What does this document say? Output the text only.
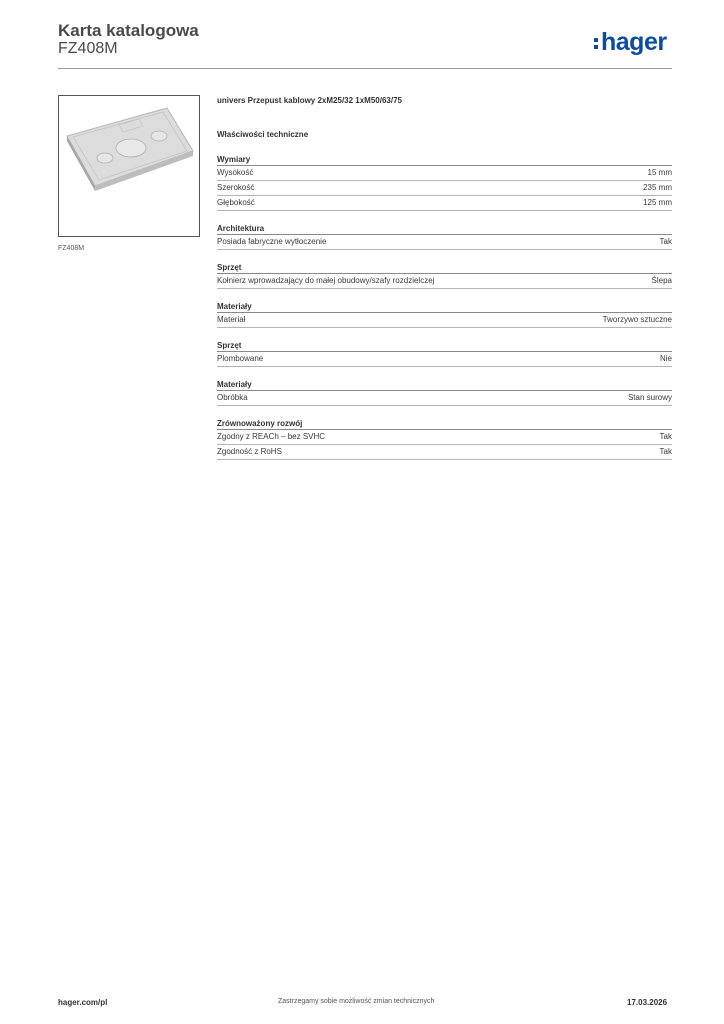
Karta katalogowa
FZ408M	hager
FZ408M
univers Przepust kablowy 2xM25/32 1xM50/63/75
Właściwości techniczne
Wymiary
Wysokość	15 mm
Szerokość	235 mm
Głębokość	125 mm
Architektura
Posiada fabryczne wytłoczenie	Tak
Sprzęt
Kołnierz wprowadzający do małej obudowy/szafy rozdzielczej	Ślepa
Materiały
Materiał	Tworzywo sztuczne
Sprzęt
Plombowane	Nie
Materiały
Obróbka	Stan surowy
Zrównoważony rozwój
Zgodny z REACh – bez SVHC	Tak
Zgodność z RoHS	Tak
hager.com/pl	Zastrzegamy sobie możliwość zmian technicznych	17.03.2026
